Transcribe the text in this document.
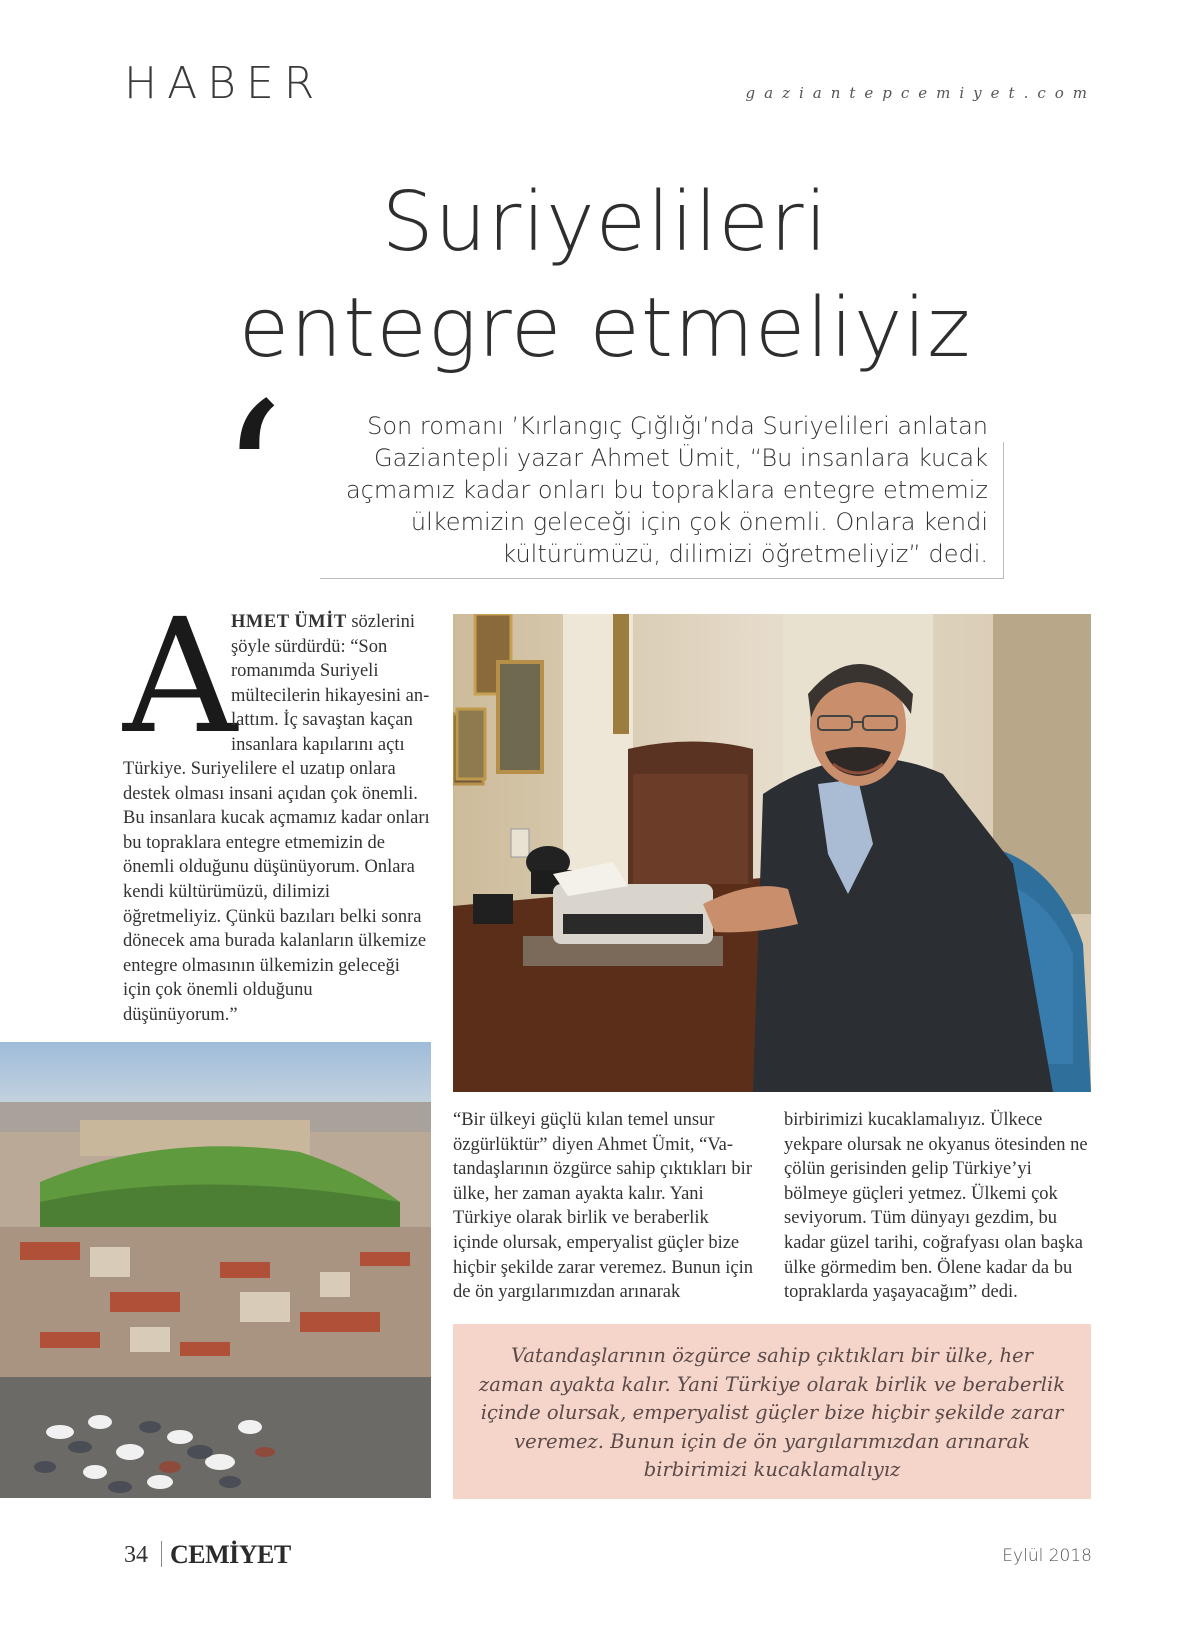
HABER	gaziantepcemiyet.com
Suriyelileri
entegre etmeliyiz
‘	Son romanı ’Kırlangıç Çığlığı’nda Suriyelileri anlatan Gaziantepli yazar Ahmet Ümit, “Bu insanlara kucak açmamız kadar onları bu topraklara entegre etmemiz ülkemizin geleceği için çok önemli. Onlara kendi kültürümüzü, dilimizi öğretmeliyiz” dedi.

A

HMET ÜMİT sözlerini şöyle sürdürdü: “Son romanımda Suriyeli mültecilerin hikayesini anlattım. İç savaştan kaçan insanlara kapılarını açtı

Türkiye. Suriyelilere el uzatıp onlara destek olması insani açıdan çok önemli. Bu insanlara kucak açmamız kadar onları bu topraklara entegre etmemizin de önemli olduğunu düşünüyorum. Onlara kendi kültürümüzü, dilimizi öğretmeliyiz. Çünkü bazıları belki sonra dönecek ama burada kalanların ülkemize entegre olmasının ülkemizin geleceği için çok önemli olduğunu düşünüyorum.”

“Bir ülkeyi güçlü kılan temel unsur özgürlüktür” diyen Ahmet Ümit, “Vatandaşlarının özgürce sahip çıktıkları bir ülke, her zaman ayakta kalır. Yani Türkiye olarak birlik ve beraberlik içinde olursak, emperyalist güçler bize hiçbir şekilde zarar veremez. Bunun için de ön yargılarımızdan arınarak

birbirimizi kucaklamalıyız. Ülkece yekpare olursak ne okyanus ötesinden ne çölün gerisinden gelip Türkiye’yi bölmeye güçleri yetmez. Ülkemi çok seviyorum. Tüm dünyayı gezdim, bu kadar güzel tarihi, coğrafyası olan başka ülke görmedim ben. Ölene kadar da bu topraklarda yaşayacağım” dedi.

Vatandaşlarının özgürce sahip çıktıkları bir ülke, her zaman ayakta kalır. Yani Türkiye olarak birlik ve beraberlik içinde olursak, emperyalist güçler bize hiçbir şekilde zarar veremez. Bunun için de ön yargılarımızdan arınarak birbirimizi kucaklamalıyız

34 CEMİYET	Eylül 2018
